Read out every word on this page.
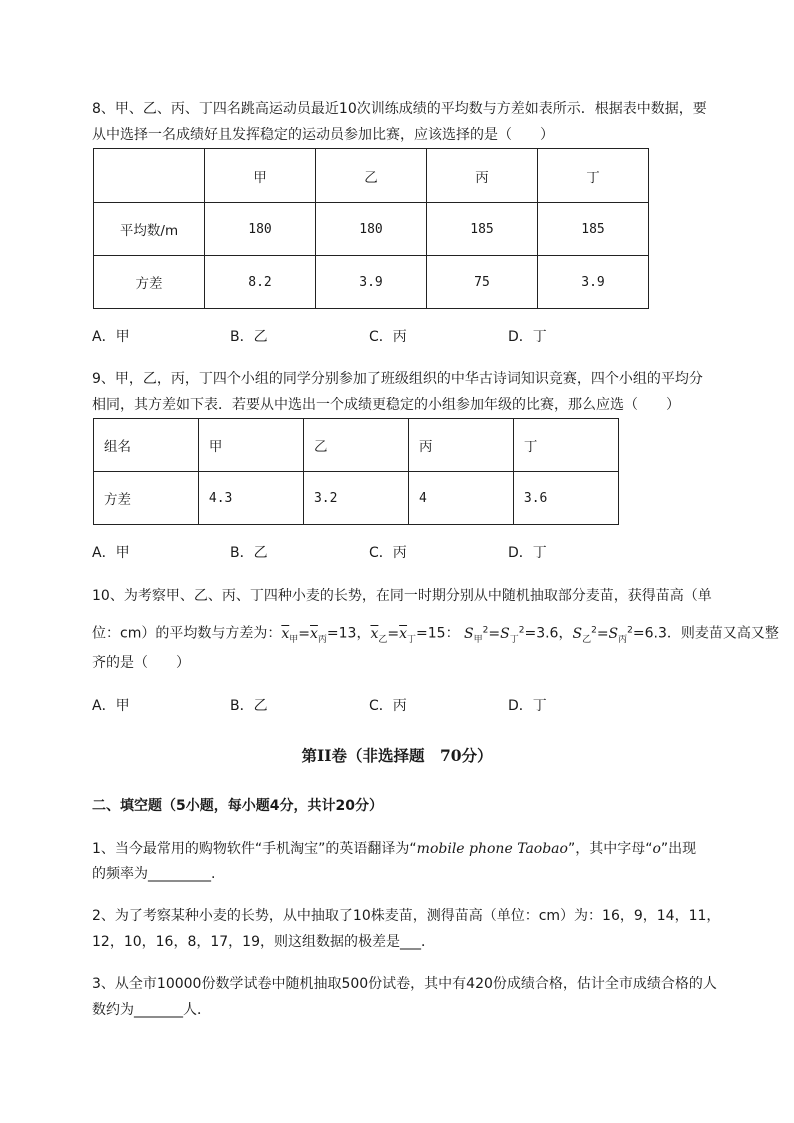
8、甲、乙、丙、丁四名跳高运动员最近10次训练成绩的平均数与方差如表所示．根据表中数据，要
从中选择一名成绩好且发挥稳定的运动员参加比赛，应该选择的是（　　）
	甲	乙	丙	丁
平均数/m	180	180	185	185
方差	8.2	3.9	75	3.9
A．甲	B．乙	C．丙	D．丁
9、甲，乙，丙，丁四个小组的同学分别参加了班级组织的中华古诗词知识竞赛，四个小组的平均分
相同，其方差如下表．若要从中选出一个成绩更稳定的小组参加年级的比赛，那么应选（　　）
组名	甲	乙	丙	丁
方差	4.3	3.2	4	3.6
A．甲	B．乙	C．丙	D．丁
10、为考察甲、乙、丙、丁四种小麦的长势，在同一时期分别从中随机抽取部分麦苗，获得苗高（单
位：cm）的平均数与方差为：$\overline{x}_甲=\overline{x}_丙=13$，$\overline{x}_乙=\overline{x}_丁=15$： $S_甲^2=S_丁^2=3.6$，$S_乙^2=S_丙^2=6.3$．则麦苗又高又整
齐的是（　　）
A．甲	B．乙	C．丙	D．丁
第II卷（非选择题　70分）
二、填空题（5小题，每小题4分，共计20分）
1、当今最常用的购物软件“手机淘宝”的英语翻译为“mobile phone Taobao”，其中字母“o”出现
的频率为_________.
2、为了考察某种小麦的长势，从中抽取了10株麦苗，测得苗高（单位：cm）为：16，9，14，11，
12，10，16，8，17，19，则这组数据的极差是___．
3、从全市10000份数学试卷中随机抽取500份试卷，其中有420份成绩合格，估计全市成绩合格的人
数约为_______人．
